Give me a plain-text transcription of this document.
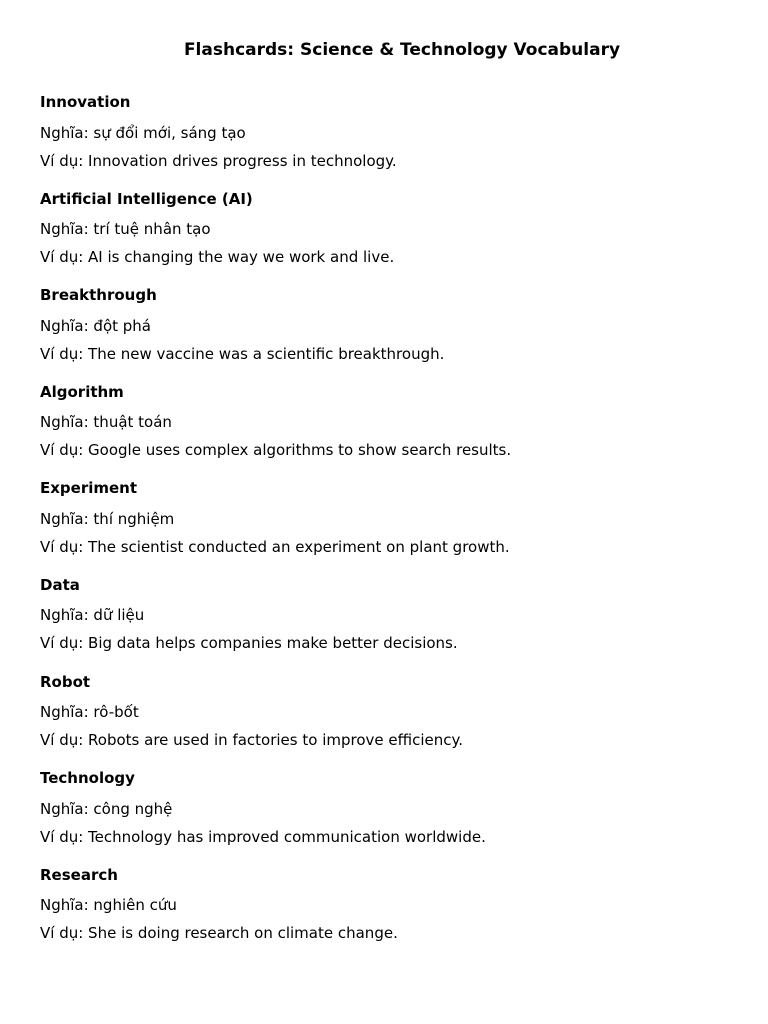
Flashcards: Science & Technology Vocabulary
Innovation
Nghĩa: sự đổi mới, sáng tạo
Ví dụ: Innovation drives progress in technology.
Artificial Intelligence (AI)
Nghĩa: trí tuệ nhân tạo
Ví dụ: AI is changing the way we work and live.
Breakthrough
Nghĩa: đột phá
Ví dụ: The new vaccine was a scientific breakthrough.
Algorithm
Nghĩa: thuật toán
Ví dụ: Google uses complex algorithms to show search results.
Experiment
Nghĩa: thí nghiệm
Ví dụ: The scientist conducted an experiment on plant growth.
Data
Nghĩa: dữ liệu
Ví dụ: Big data helps companies make better decisions.
Robot
Nghĩa: rô-bốt
Ví dụ: Robots are used in factories to improve efficiency.
Technology
Nghĩa: công nghệ
Ví dụ: Technology has improved communication worldwide.
Research
Nghĩa: nghiên cứu
Ví dụ: She is doing research on climate change.
